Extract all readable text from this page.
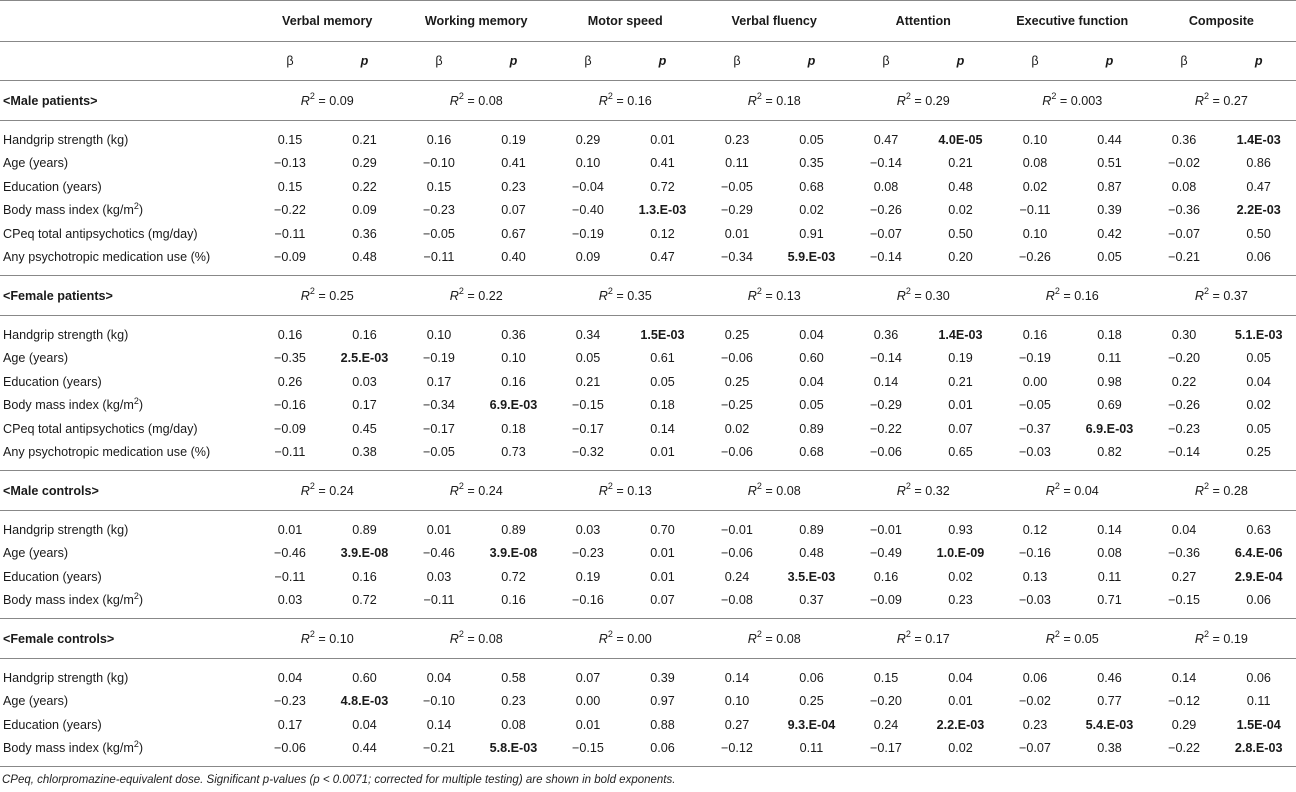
	Verbal memory		Working memory		Motor speed		Verbal fluency		Attention		Executive function		Composite	
	β	p	β	p	β	p	β	p	β	p	β	p	β	p
<Male patients>	$R^2 = 0.09$		$R^2 = 0.08$		$R^2 = 0.16$		$R^2 = 0.18$		$R^2 = 0.29$		$R^2 = 0.003$		$R^2 = 0.27$	
Handgrip strength (kg)	0.15	0.21	0.16	0.19	0.29	0.01	0.23	0.05	0.47	4.0E-05	0.10	0.44	0.36	1.4E-03
Age (years)	−0.13	0.29	−0.10	0.41	0.10	0.41	0.11	0.35	−0.14	0.21	0.08	0.51	−0.02	0.86
Education (years)	0.15	0.22	0.15	0.23	−0.04	0.72	−0.05	0.68	0.08	0.48	0.02	0.87	0.08	0.47
Body mass index $(kg/m^2)$	−0.22	0.09	−0.23	0.07	−0.40	1.3.E-03	−0.29	0.02	−0.26	0.02	−0.11	0.39	−0.36	2.2E-03
CPeq total antipsychotics (mg/day)	−0.11	0.36	−0.05	0.67	−0.19	0.12	0.01	0.91	−0.07	0.50	0.10	0.42	−0.07	0.50
Any psychotropic medication use (%)	−0.09	0.48	−0.11	0.40	0.09	0.47	−0.34	5.9.E-03	−0.14	0.20	−0.26	0.05	−0.21	0.06
<Female patients>	$R^2 = 0.25$		$R^2 = 0.22$		$R^2 = 0.35$		$R^2 = 0.13$		$R^2 = 0.30$		$R^2 = 0.16$		$R^2 = 0.37$	
Handgrip strength (kg)	0.16	0.16	0.10	0.36	0.34	1.5E-03	0.25	0.04	0.36	1.4E-03	0.16	0.18	0.30	5.1.E-03
Age (years)	−0.35	2.5.E-03	−0.19	0.10	0.05	0.61	−0.06	0.60	−0.14	0.19	−0.19	0.11	−0.20	0.05
Education (years)	0.26	0.03	0.17	0.16	0.21	0.05	0.25	0.04	0.14	0.21	0.00	0.98	0.22	0.04
Body mass index $(kg/m^2)$	−0.16	0.17	−0.34	6.9.E-03	−0.15	0.18	−0.25	0.05	−0.29	0.01	−0.05	0.69	−0.26	0.02
CPeq total antipsychotics (mg/day)	−0.09	0.45	−0.17	0.18	−0.17	0.14	0.02	0.89	−0.22	0.07	−0.37	6.9.E-03	−0.23	0.05
Any psychotropic medication use (%)	−0.11	0.38	−0.05	0.73	−0.32	0.01	−0.06	0.68	−0.06	0.65	−0.03	0.82	−0.14	0.25
<Male controls>	$R^2 = 0.24$		$R^2 = 0.24$		$R^2 = 0.13$		$R^2 = 0.08$		$R^2 = 0.32$		$R^2 = 0.04$		$R^2 = 0.28$	
Handgrip strength (kg)	0.01	0.89	0.01	0.89	0.03	0.70	−0.01	0.89	−0.01	0.93	0.12	0.14	0.04	0.63
Age (years)	−0.46	3.9.E-08	−0.46	3.9.E-08	−0.23	0.01	−0.06	0.48	−0.49	1.0.E-09	−0.16	0.08	−0.36	6.4.E-06
Education (years)	−0.11	0.16	0.03	0.72	0.19	0.01	0.24	3.5.E-03	0.16	0.02	0.13	0.11	0.27	2.9.E-04
Body mass index $(kg/m^2)$	0.03	0.72	−0.11	0.16	−0.16	0.07	−0.08	0.37	−0.09	0.23	−0.03	0.71	−0.15	0.06
<Female controls>	$R^2 = 0.10$		$R^2 = 0.08$		$R^2 = 0.00$		$R^2 = 0.08$		$R^2 = 0.17$		$R^2 = 0.05$		$R^2 = 0.19$	
Handgrip strength (kg)	0.04	0.60	0.04	0.58	0.07	0.39	0.14	0.06	0.15	0.04	0.06	0.46	0.14	0.06
Age (years)	−0.23	4.8.E-03	−0.10	0.23	0.00	0.97	0.10	0.25	−0.20	0.01	−0.02	0.77	−0.12	0.11
Education (years)	0.17	0.04	0.14	0.08	0.01	0.88	0.27	9.3.E-04	0.24	2.2.E-03	0.23	5.4.E-03	0.29	1.5E-04
Body mass index $(kg/m^2)$	−0.06	0.44	−0.21	5.8.E-03	−0.15	0.06	−0.12	0.11	−0.17	0.02	−0.07	0.38	−0.22	2.8.E-03
CPeq, chlorpromazine-equivalent dose. Significant p-values (p < 0.0071; corrected for multiple testing) are shown in bold exponents.
